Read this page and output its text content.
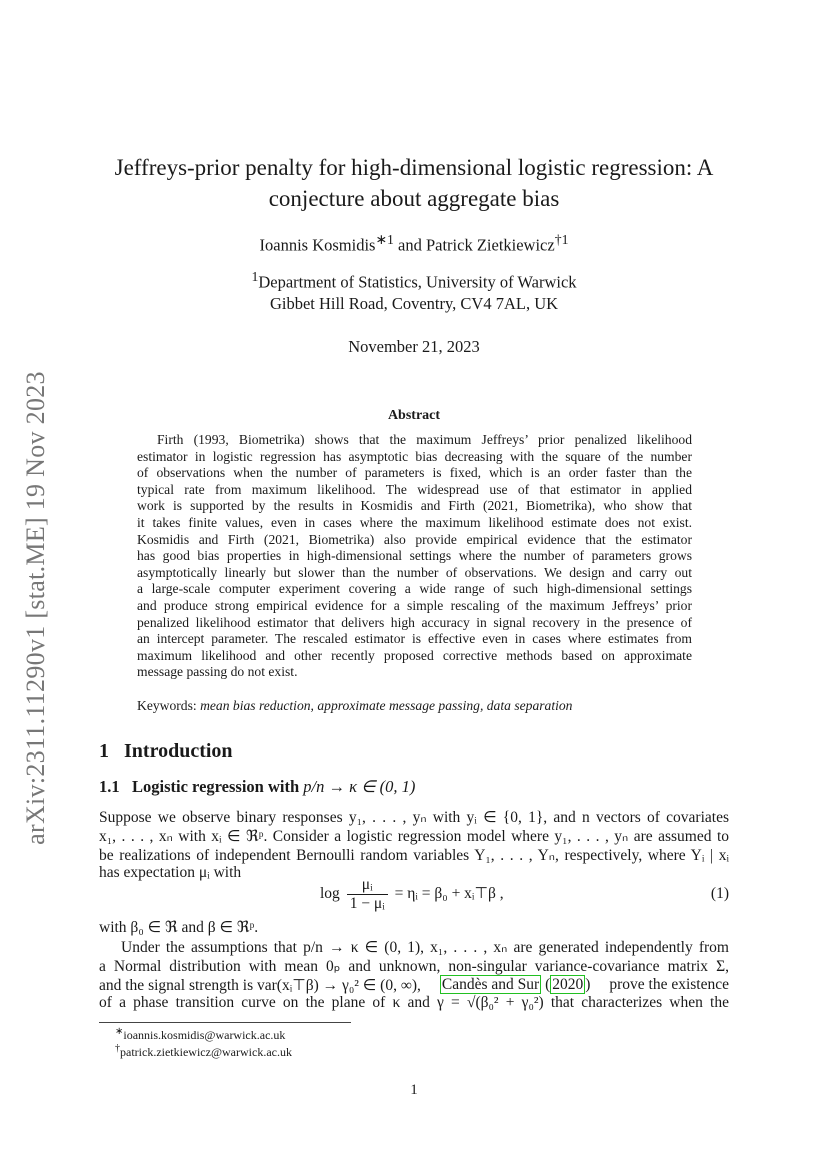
arXiv:2311.11290v1 [stat.ME] 19 Nov 2023
Jeffreys-prior penalty for high-dimensional logistic regression: A
conjecture about aggregate bias
Ioannis Kosmidis$^{∗1}$ and Patrick Zietkiewicz$^{\dagger 1}$
$^1$Department of Statistics, University of Warwick
Gibbet Hill Road, Coventry, CV4 7AL, UK
November 21, 2023
Abstract
Firth (1993, Biometrika) shows that the maximum Jeffreys’ prior penalized likelihood
estimator in logistic regression has asymptotic bias decreasing with the square of the number
of observations when the number of parameters is fixed, which is an order faster than the
typical rate from maximum likelihood. The widespread use of that estimator in applied
work is supported by the results in Kosmidis and Firth (2021, Biometrika), who show that
it takes finite values, even in cases where the maximum likelihood estimate does not exist.
Kosmidis and Firth (2021, Biometrika) also provide empirical evidence that the estimator
has good bias properties in high-dimensional settings where the number of parameters grows
asymptotically linearly but slower than the number of observations. We design and carry out
a large-scale computer experiment covering a wide range of such high-dimensional settings
and produce strong empirical evidence for a simple rescaling of the maximum Jeffreys’ prior
penalized likelihood estimator that delivers high accuracy in signal recovery in the presence of
an intercept parameter. The rescaled estimator is effective even in cases where estimates from
maximum likelihood and other recently proposed corrective methods based on approximate
message passing do not exist.
Keywords: mean bias reduction, approximate message passing, data separation
1 Introduction
1.1 Logistic regression with p/n → κ ∈ (0, 1)
Suppose we observe binary responses y₁, . . . , yₙ with yᵢ ∈ {0, 1}, and n vectors of covariates
x₁, . . . , xₙ with xᵢ ∈ ℜᵖ. Consider a logistic regression model where y₁, . . . , yₙ are assumed to
be realizations of independent Bernoulli random variables Y₁, . . . , Yₙ, respectively, where Yᵢ | xᵢ
has expectation μᵢ with
$\log \frac{\text{μᵢ}}{\text{1 − μᵢ}}$ = ηᵢ = β₀ + xᵢ⊤β ,	(1)
with β₀ ∈ ℜ and β ∈ ℜᵖ.
Under the assumptions that p/n → κ ∈ (0, 1), x₁, . . . , xₙ are generated independently from
a Normal distribution with mean 0ₚ and unknown, non-singular variance-covariance matrix Σ,
and the signal strength is var(xᵢ⊤β) → γ₀² ∈ (0, ∞), Candès and Sur ( 2020 ) prove the existence
of a phase transition curve on the plane of κ and γ = √(β₀² + γ₀²) that characterizes when the
∗ioannis.kosmidis@warwick.ac.uk
†patrick.zietkiewicz@warwick.ac.uk
1
